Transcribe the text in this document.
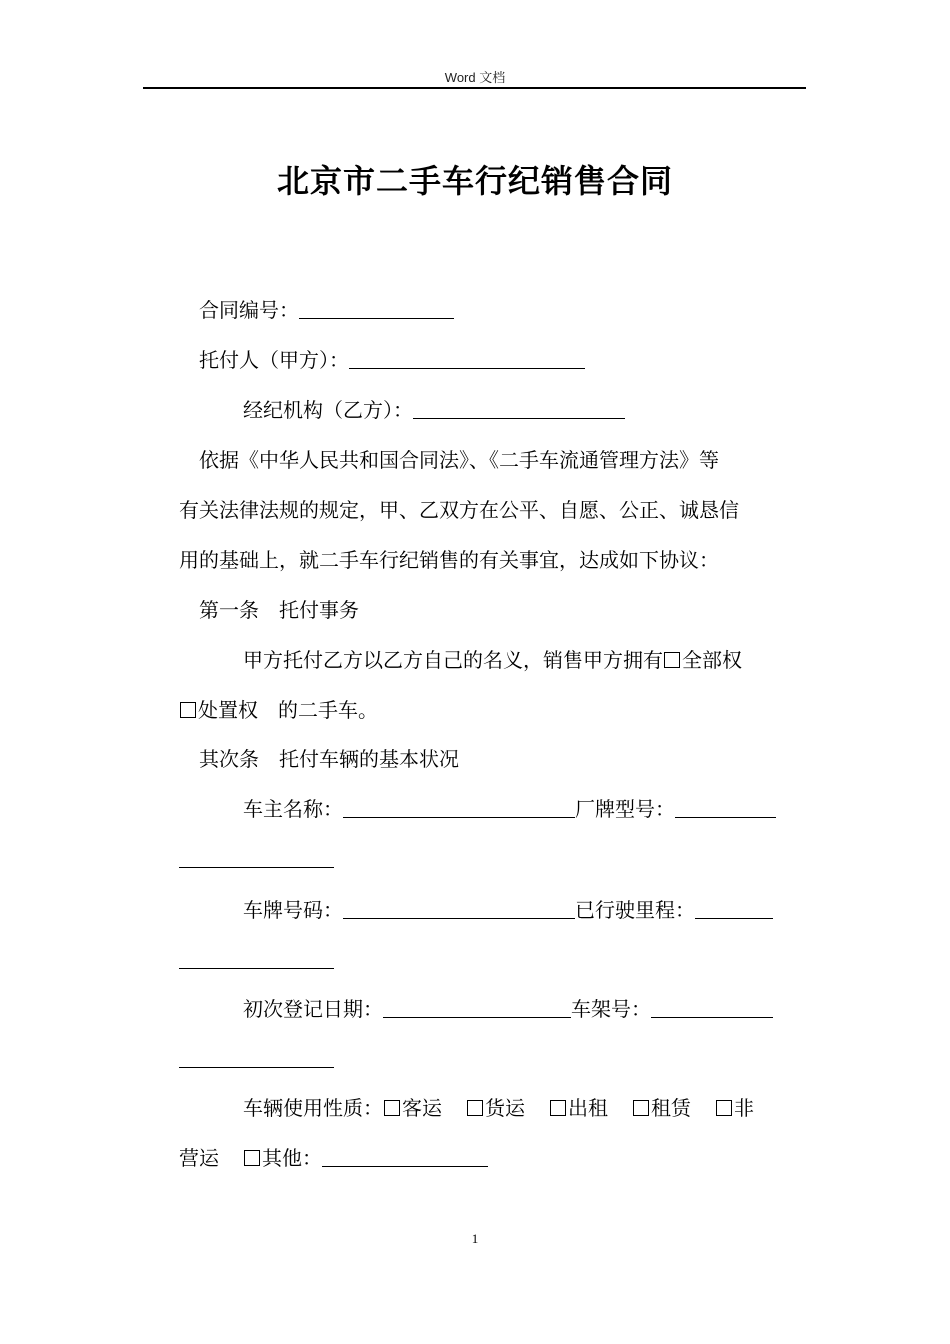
Word 文档
北京市二手车行纪销售合同
合同编号：
托付人（甲方）：
经纪机构（乙方）：
依据《中华人民共和国合同法》、《二手车流通管理方法》等
有关法律法规的规定，甲、乙双方在公平、自愿、公正、诚恳信
用的基础上，就二手车行纪销售的有关事宜，达成如下协议：
第一条　托付事务
甲方托付乙方以乙方自己的名义，销售甲方拥有 全部权
处置权　的二手车。
其次条　托付车辆的基本状况
车主名称：	厂牌型号：
车牌号码：	已行驶里程：
初次登记日期：	车架号：
车辆使用性质： 客运 货运 出租 租赁 非
营运 其他：
1
